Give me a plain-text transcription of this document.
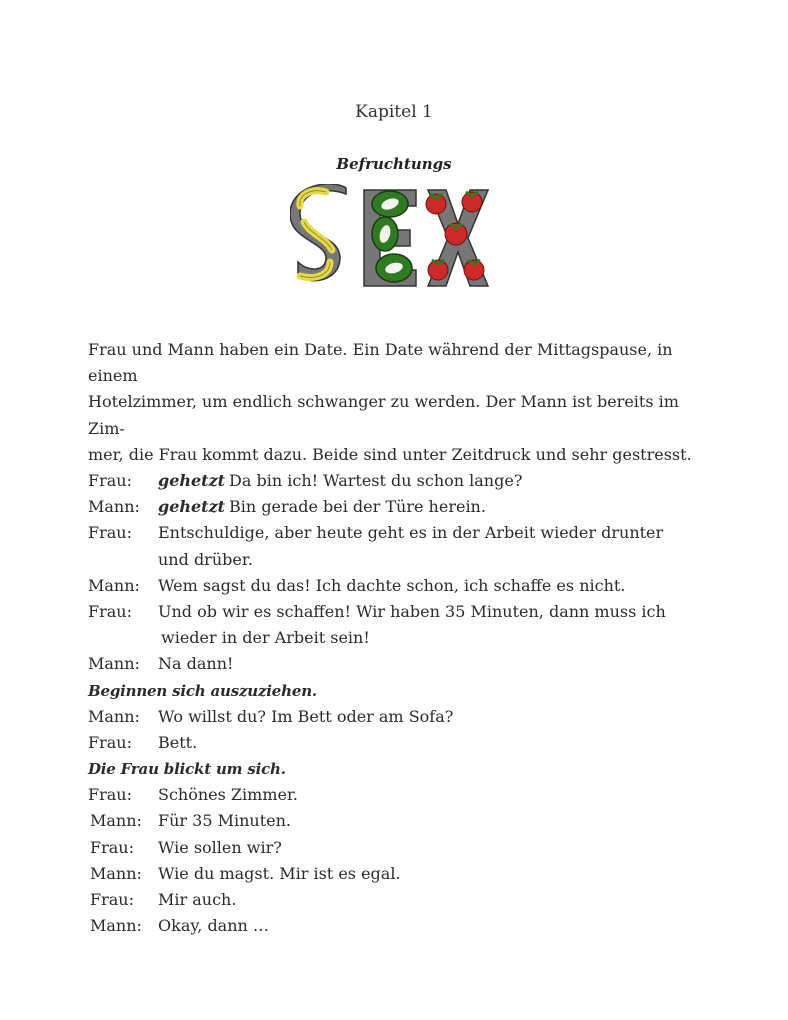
Kapitel 1
Befruchtungs
Frau und Mann haben ein Date. Ein Date während der Mittagspause, in einem
Hotelzimmer, um endlich schwanger zu werden. Der Mann ist bereits im Zim-
mer, die Frau kommt dazu. Beide sind unter Zeitdruck und sehr gestresst.
Frau:	gehetzt Da bin ich! Wartest du schon lange?
Mann:	gehetzt Bin gerade bei der Türe herein.
Frau:	Entschuldige, aber heute geht es in der Arbeit wieder drunter
und drüber.
Mann:	Wem sagst du das! Ich dachte schon, ich schaffe es nicht.
Frau:	Und ob wir es schaffen! Wir haben 35 Minuten, dann muss ich
wieder in der Arbeit sein!
Mann:	Na dann!
Beginnen sich auszuziehen.
Mann:	Wo willst du? Im Bett oder am Sofa?
Frau:	Bett.
Die Frau blickt um sich.
Frau:	Schönes Zimmer.
Mann:	Für 35 Minuten.
Frau:	Wie sollen wir?
Mann:	Wie du magst. Mir ist es egal.
Frau:	Mir auch.
Mann:	Okay, dann …
